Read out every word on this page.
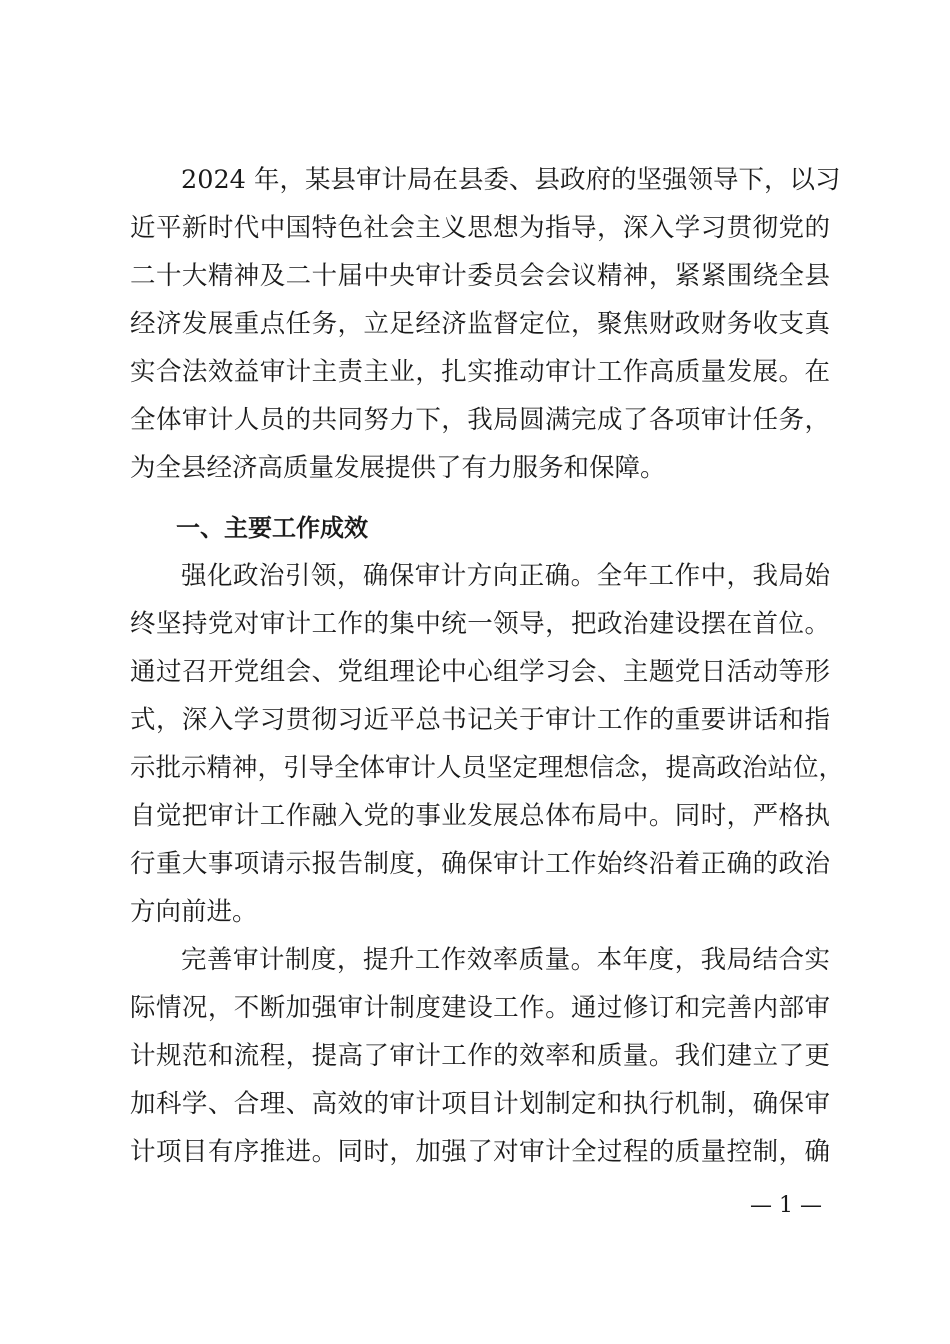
2024 年，某县审计局在县委、县政府的坚强领导下，以习
近平新时代中国特色社会主义思想为指导，深入学习贯彻党的
二十大精神及二十届中央审计委员会会议精神，紧紧围绕全县
经济发展重点任务，立足经济监督定位，聚焦财政财务收支真
实合法效益审计主责主业，扎实推动审计工作高质量发展。在
全体审计人员的共同努力下，我局圆满完成了各项审计任务，
为全县经济高质量发展提供了有力服务和保障。
一、主要工作成效
强化政治引领，确保审计方向正确。全年工作中，我局始
终坚持党对审计工作的集中统一领导，把政治建设摆在首位。
通过召开党组会、党组理论中心组学习会、主题党日活动等形
式，深入学习贯彻习近平总书记关于审计工作的重要讲话和指
示批示精神，引导全体审计人员坚定理想信念，提高政治站位，
自觉把审计工作融入党的事业发展总体布局中。同时，严格执
行重大事项请示报告制度，确保审计工作始终沿着正确的政治
方向前进。
完善审计制度，提升工作效率质量。本年度，我局结合实
际情况，不断加强审计制度建设工作。通过修订和完善内部审
计规范和流程，提高了审计工作的效率和质量。我们建立了更
加科学、合理、高效的审计项目计划制定和执行机制，确保审
计项目有序推进。同时，加强了对审计全过程的质量控制，确
— 1 —
